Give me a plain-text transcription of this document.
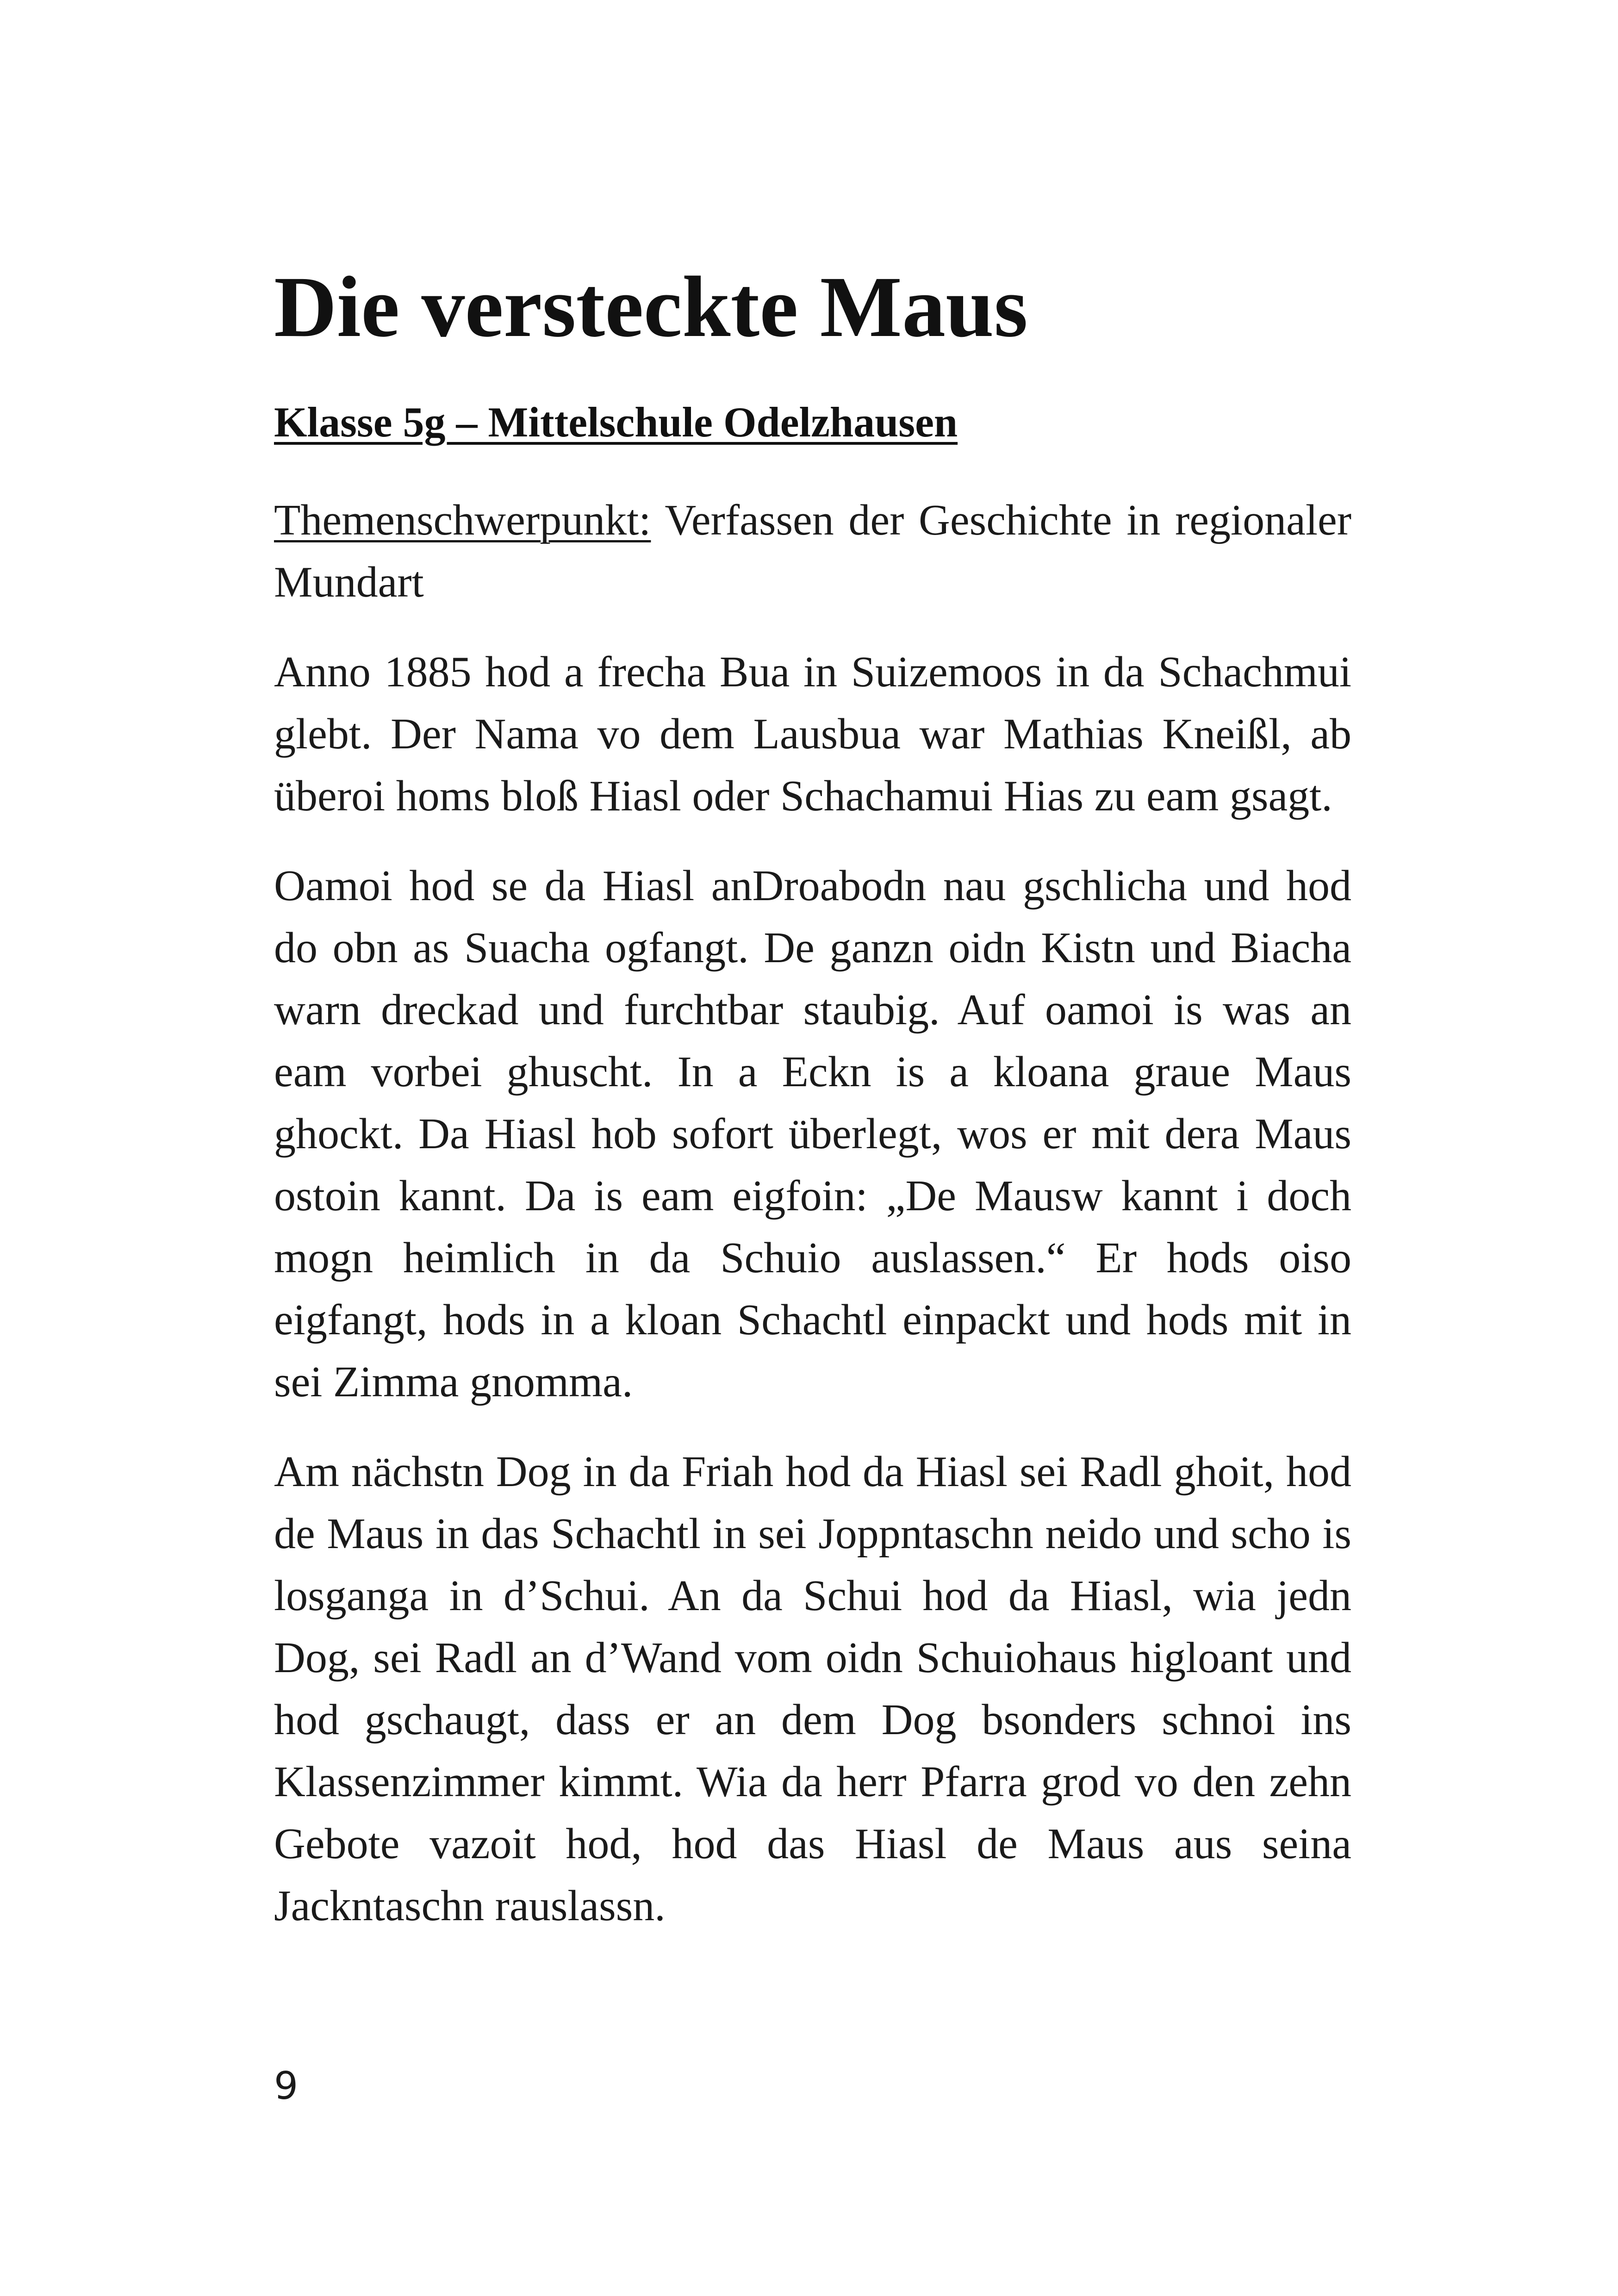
Die versteckte Maus
Klasse 5g – Mittelschule Odelzhausen

Themenschwerpunkt: Verfassen der Geschichte in regionaler Mundart

Anno 1885 hod a frecha Bua in Suizemoos in da Schachmui glebt. Der Nama vo dem Lausbua war Mathias Kneißl, ab überoi homs bloß Hiasl oder Schachamui Hias zu eam gsagt.

Oamoi hod se da Hiasl anDroabodn nau gschlicha und hod do obn as Suacha ogfangt. De ganzn oidn Kistn und Biacha warn dreckad und furchtbar staubig. Auf oamoi is was an eam vorbei ghuscht. In a Eckn is a kloana graue Maus ghockt. Da Hiasl hob sofort überlegt, wos er mit dera Maus ostoin kannt. Da is eam eigfoin: „De Mausw kannt i doch mogn heimlich in da Schuio auslassen.“ Er hods oiso eigfangt, hods in a kloan Schachtl einpackt und hods mit in sei Zimma gnomma.

Am nächstn Dog in da Friah hod da Hiasl sei Radl ghoit, hod de Maus in das Schachtl in sei Joppntaschn neido und scho is losganga in d’Schui. An da Schui hod da Hiasl, wia jedn Dog, sei Radl an d’Wand vom oidn Schuiohaus higloant und hod gschaugt, dass er an dem Dog bsonders schnoi ins Klassenzimmer kimmt. Wia da herr Pfarra grod vo den zehn Gebote vazoit hod, hod das Hiasl de Maus aus seina Jackntaschn rauslassn.

9
